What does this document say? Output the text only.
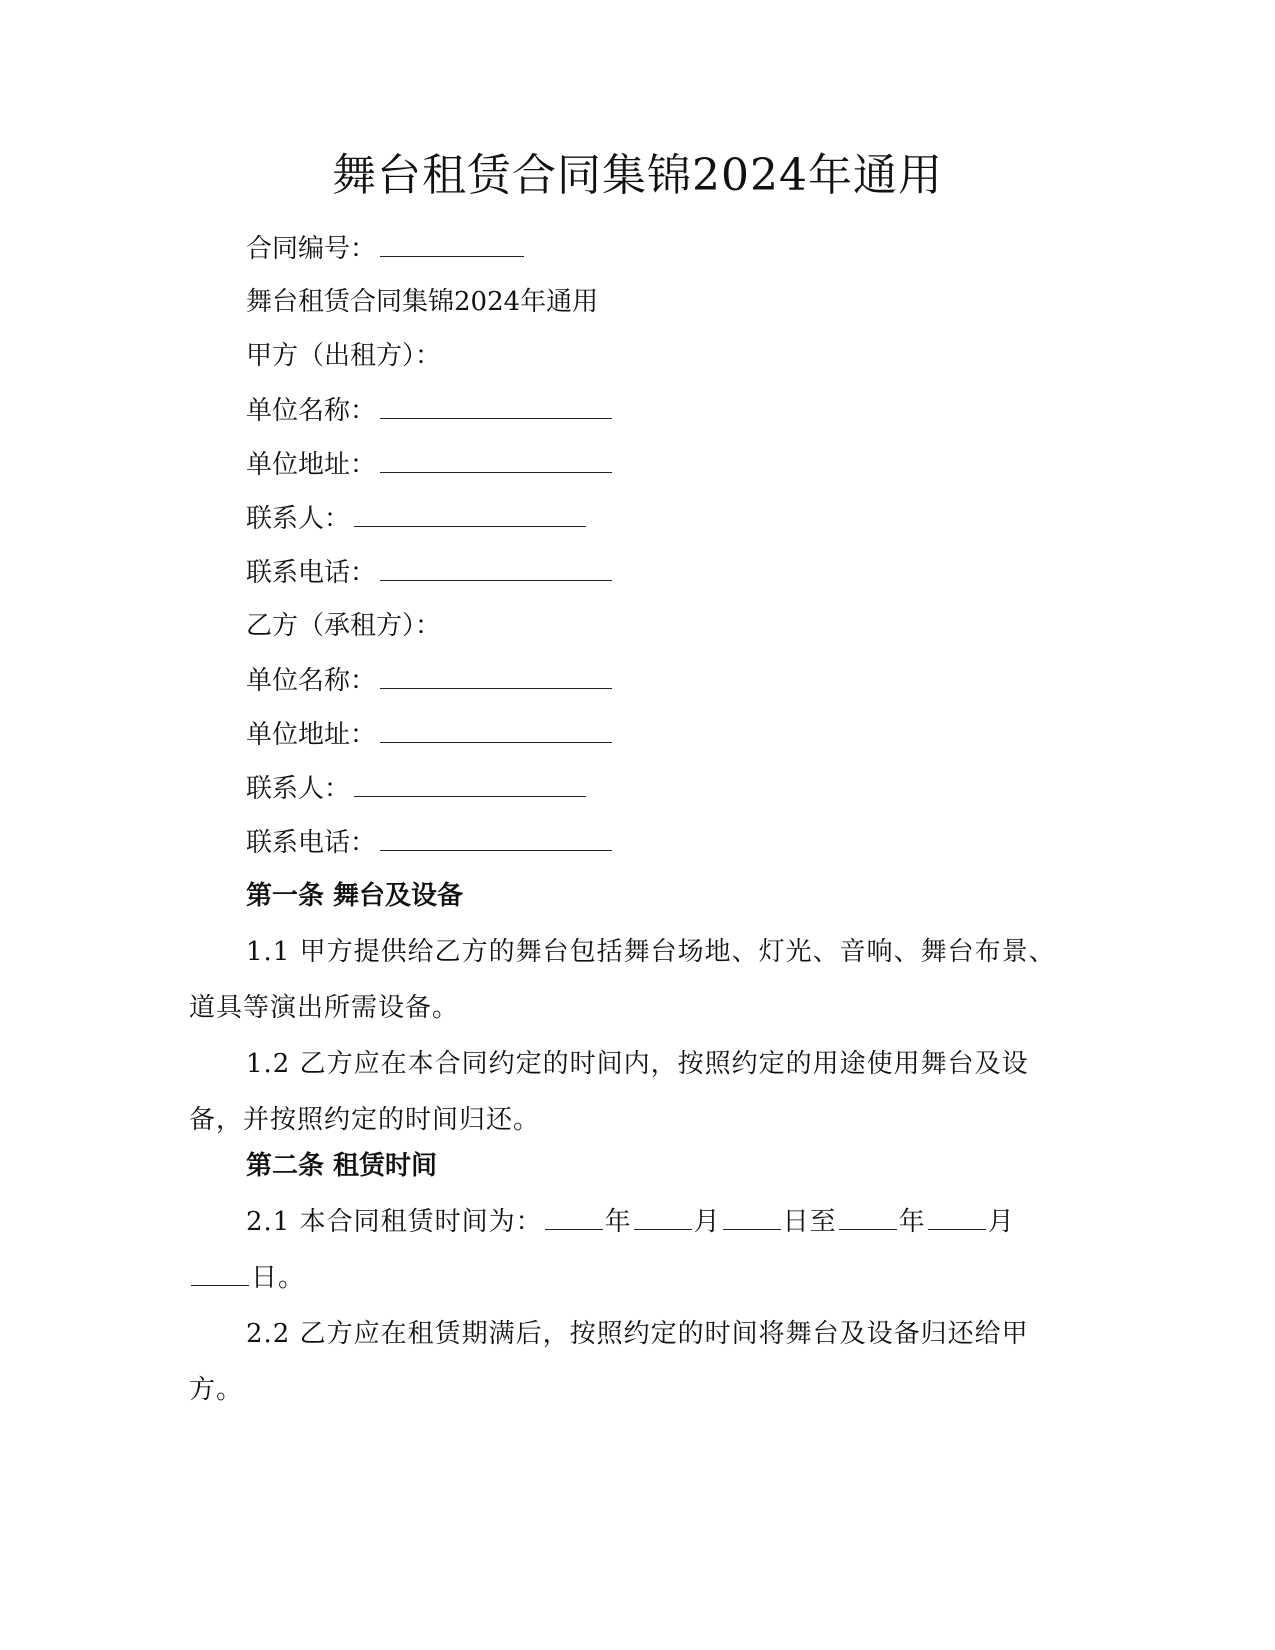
舞台租赁合同集锦2024年通用
合同编号：
舞台租赁合同集锦2024年通用
甲方（出租方）：
单位名称：
单位地址：
联系人：
联系电话：
乙方（承租方）：
单位名称：
单位地址：
联系人：
联系电话：
第一条 舞台及设备
1.1 甲方提供给乙方的舞台包括舞台场地、灯光、音响、舞台布景、道具等演出所需设备。
1.2 乙方应在本合同约定的时间内，按照约定的用途使用舞台及设备，并按照约定的时间归还。
第二条 租赁时间
2.1 本合同租赁时间为： 年 月 日至 年 月日。
2.2 乙方应在租赁期满后，按照约定的时间将舞台及设备归还给甲方。
